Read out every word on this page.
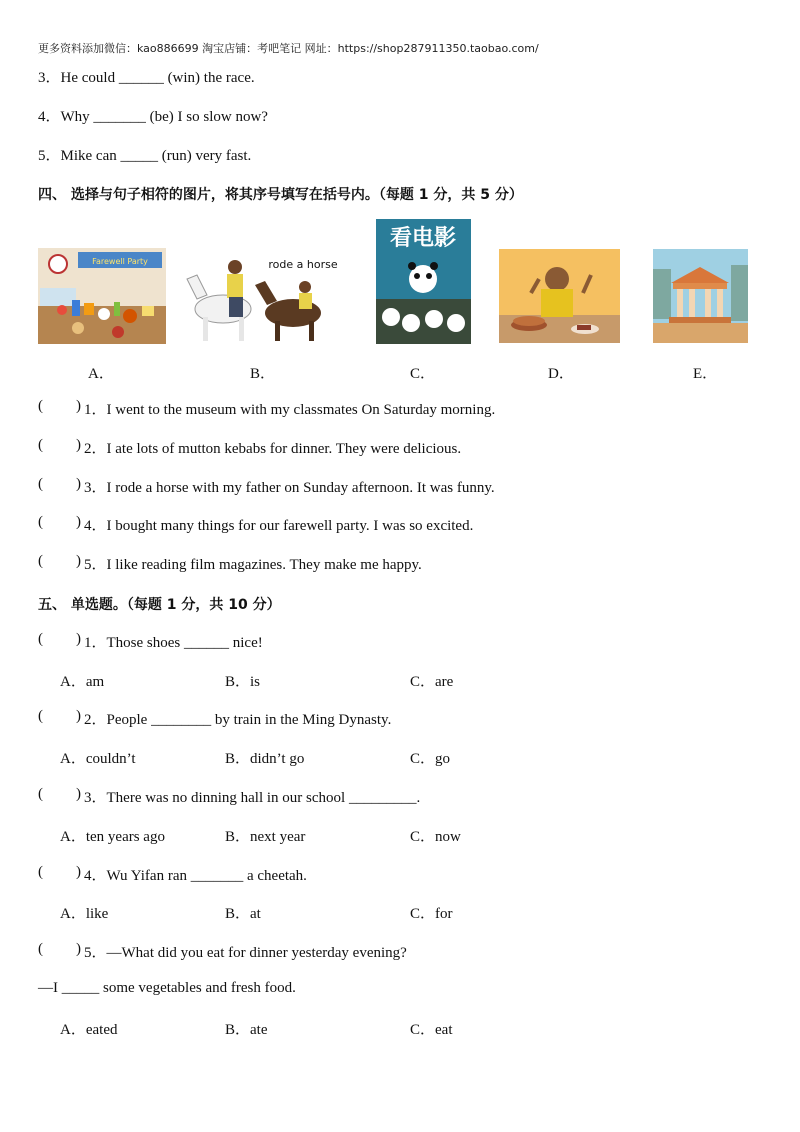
更多资料添加微信：kao886699 淘宝店铺：考吧笔记 网址：https://shop287911350.taobao.com/
3．He could ______ (win) the race.
4．Why _______ (be) I so slow now?
5．Mike can _____ (run) very fast.
四、 选择与句子相符的图片，将其序号填写在括号内。（每题 1 分，共 5 分）
Farewell Party	rode a horse
看电影
A．	B．	C．	D．	E．
( ) 1．I went to the museum with my classmates On Saturday morning.
( ) 2．I ate lots of mutton kebabs for dinner. They were delicious.
( ) 3．I rode a horse with my father on Sunday afternoon. It was funny.
( ) 4．I bought many things for our farewell party. I was so excited.
( ) 5．I like reading film magazines. They make me happy.
五、 单选题。（每题 1 分，共 10 分）
( ) 1．Those shoes ______ nice!
A．am	B．is	C．are
( ) 2．People ________ by train in the Ming Dynasty.
A．couldn’t	B．didn’t go	C．go
( ) 3．There was no dinning hall in our school _________.
A．ten years ago	B．next year	C．now
( ) 4．Wu Yifan ran _______ a cheetah.
A．like	B．at	C．for
( ) 5．—What did you eat for dinner yesterday evening?
—I _____ some vegetables and fresh food.
A．eated	B．ate	C．eat
